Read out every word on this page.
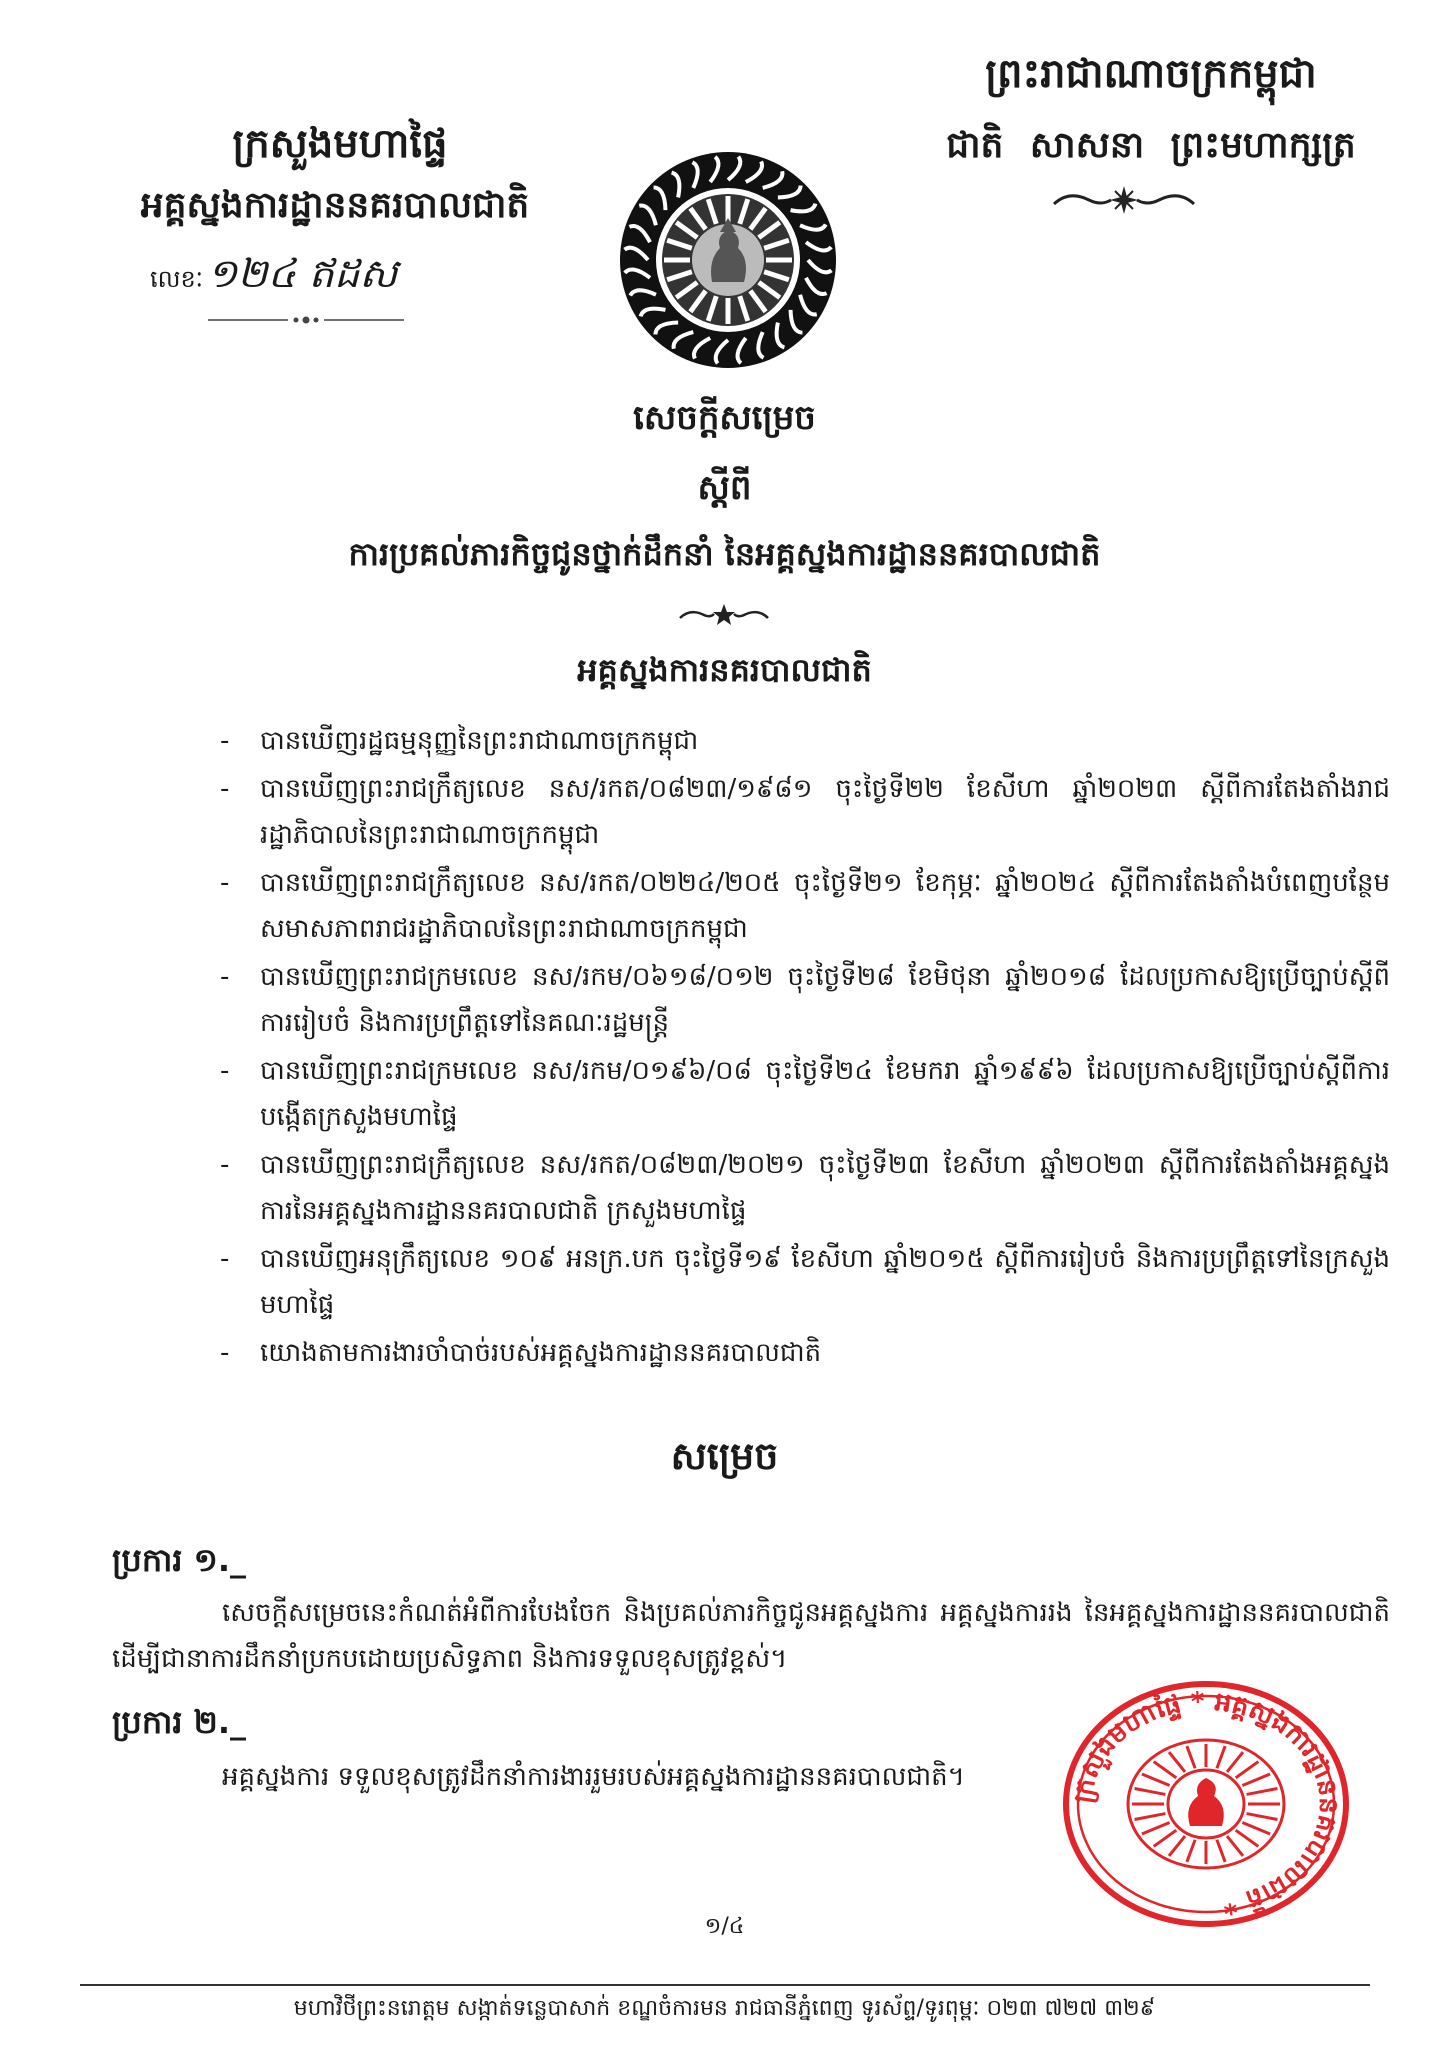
ព្រះរាជាណាចក្រកម្ពុជា
ជាតិ សាសនា ព្រះមហាក្សត្រ
ក្រសួងមហាផ្ទៃ
អគ្គស្នងការដ្ឋាននគរបាលជាតិ
លេខៈ ១២៤ ឥដស
សេចក្ដីសម្រេច
ស្ដីពី
ការប្រគល់ភារកិច្ចជូនថ្នាក់ដឹកនាំ នៃអគ្គស្នងការដ្ឋាននគរបាលជាតិ
អគ្គស្នងការនគរបាលជាតិ
- បានឃើញរដ្ឋធម្មនុញ្ញនៃព្រះរាជាណាចក្រកម្ពុជា
- បានឃើញព្រះរាជក្រឹត្យលេខ នស/រកត/០៨២៣/១៩៨១ ចុះថ្ងៃទី២២ ខែសីហា ឆ្នាំ២០២៣ ស្ដីពីការតែងតាំងរាជរដ្ឋាភិបាលនៃព្រះរាជាណាចក្រកម្ពុជា
- បានឃើញព្រះរាជក្រឹត្យលេខ នស/រកត/០២២៤/២០៥ ចុះថ្ងៃទី២១ ខែកុម្ភៈ ឆ្នាំ២០២៤ ស្ដីពីការតែងតាំងបំពេញបន្ថែមសមាសភាពរាជរដ្ឋាភិបាលនៃព្រះរាជាណាចក្រកម្ពុជា
- បានឃើញព្រះរាជក្រមលេខ នស/រកម/០៦១៨/០១២ ចុះថ្ងៃទី២៨ ខែមិថុនា ឆ្នាំ២០១៨ ដែលប្រកាសឱ្យប្រើច្បាប់ស្ដីពីការរៀបចំ និងការប្រព្រឹត្តទៅនៃគណៈរដ្ឋមន្ត្រី
- បានឃើញព្រះរាជក្រមលេខ នស/រកម/០១៩៦/០៨ ចុះថ្ងៃទី២៤ ខែមករា ឆ្នាំ១៩៩៦ ដែលប្រកាសឱ្យប្រើច្បាប់ស្ដីពីការបង្កើតក្រសួងមហាផ្ទៃ
- បានឃើញព្រះរាជក្រឹត្យលេខ នស/រកត/០៨២៣/២០២១ ចុះថ្ងៃទី២៣ ខែសីហា ឆ្នាំ២០២៣ ស្ដីពីការតែងតាំងអគ្គស្នងការនៃអគ្គស្នងការដ្ឋាននគរបាលជាតិ ក្រសួងមហាផ្ទៃ
- បានឃើញអនុក្រឹត្យលេខ ១០៩ អនក្រ.បក ចុះថ្ងៃទី១៩ ខែសីហា ឆ្នាំ២០១៥ ស្ដីពីការរៀបចំ និងការប្រព្រឹត្តទៅនៃក្រសួងមហាផ្ទៃ
- យោងតាមការងារចាំបាច់របស់អគ្គស្នងការដ្ឋាននគរបាលជាតិ
សម្រេច
ប្រការ ១._
សេចក្ដីសម្រេចនេះកំណត់អំពីការបែងចែក និងប្រគល់ភារកិច្ចជូនអគ្គស្នងការ អគ្គស្នងការរង នៃអគ្គស្នងការដ្ឋាននគរបាលជាតិ ដើម្បីជានាការដឹកនាំប្រកបដោយប្រសិទ្ធភាព និងការទទួលខុសត្រូវខ្ពស់។
ប្រការ ២._
អគ្គស្នងការ ទទួលខុសត្រូវដឹកនាំការងាររួមរបស់អគ្គស្នងការដ្ឋាននគរបាលជាតិ។	ក្រសួងមហាផ្ទៃ * អគ្គស្នងការដ្ឋាននគរបាលជាតិ *
១/៤
មហាវិថីព្រះនរោត្តម សង្កាត់ទន្លេបាសាក់ ខណ្ឌចំការមន រាជធានីភ្នំពេញ ទូរស័ព្ទ/ទូរពុម្ពៈ ០២៣ ៧២៧ ៣២៩
